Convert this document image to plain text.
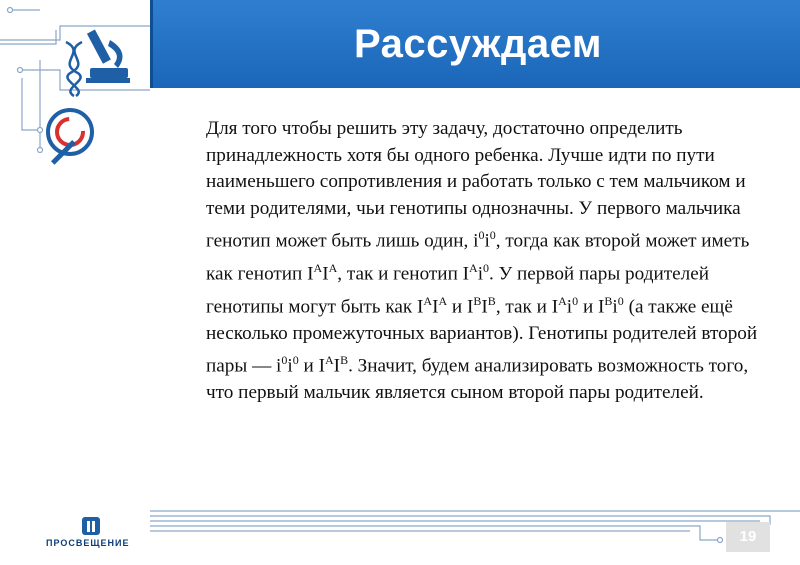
Рассуждаем

Для того чтобы решить эту задачу, достаточно определить принадлежность хотя бы одного ребенка. Лучше идти по пути наименьшего сопротивления и работать только с тем мальчиком и теми родителями, чьи генотипы однозначны. У первого мальчика генотип может быть лишь один, $i^0i^0$, тогда как второй может иметь как генотип $I^AI^A$, так и генотип $I^Ai^0$. У первой пары родителей генотипы могут быть как $I^AI^A$ и $I^BI^B$, так и $I^Ai^0$ и $I^Bi^0$ (а также ещё несколько промежуточных вариантов). Генотипы родителей второй пары — $i^0i^0$ и $I^AI^B$. Значит, будем анализировать возможность того, что первый мальчик является сыном второй пары родителей.

ПРОСВЕЩЕНИЕ	19
